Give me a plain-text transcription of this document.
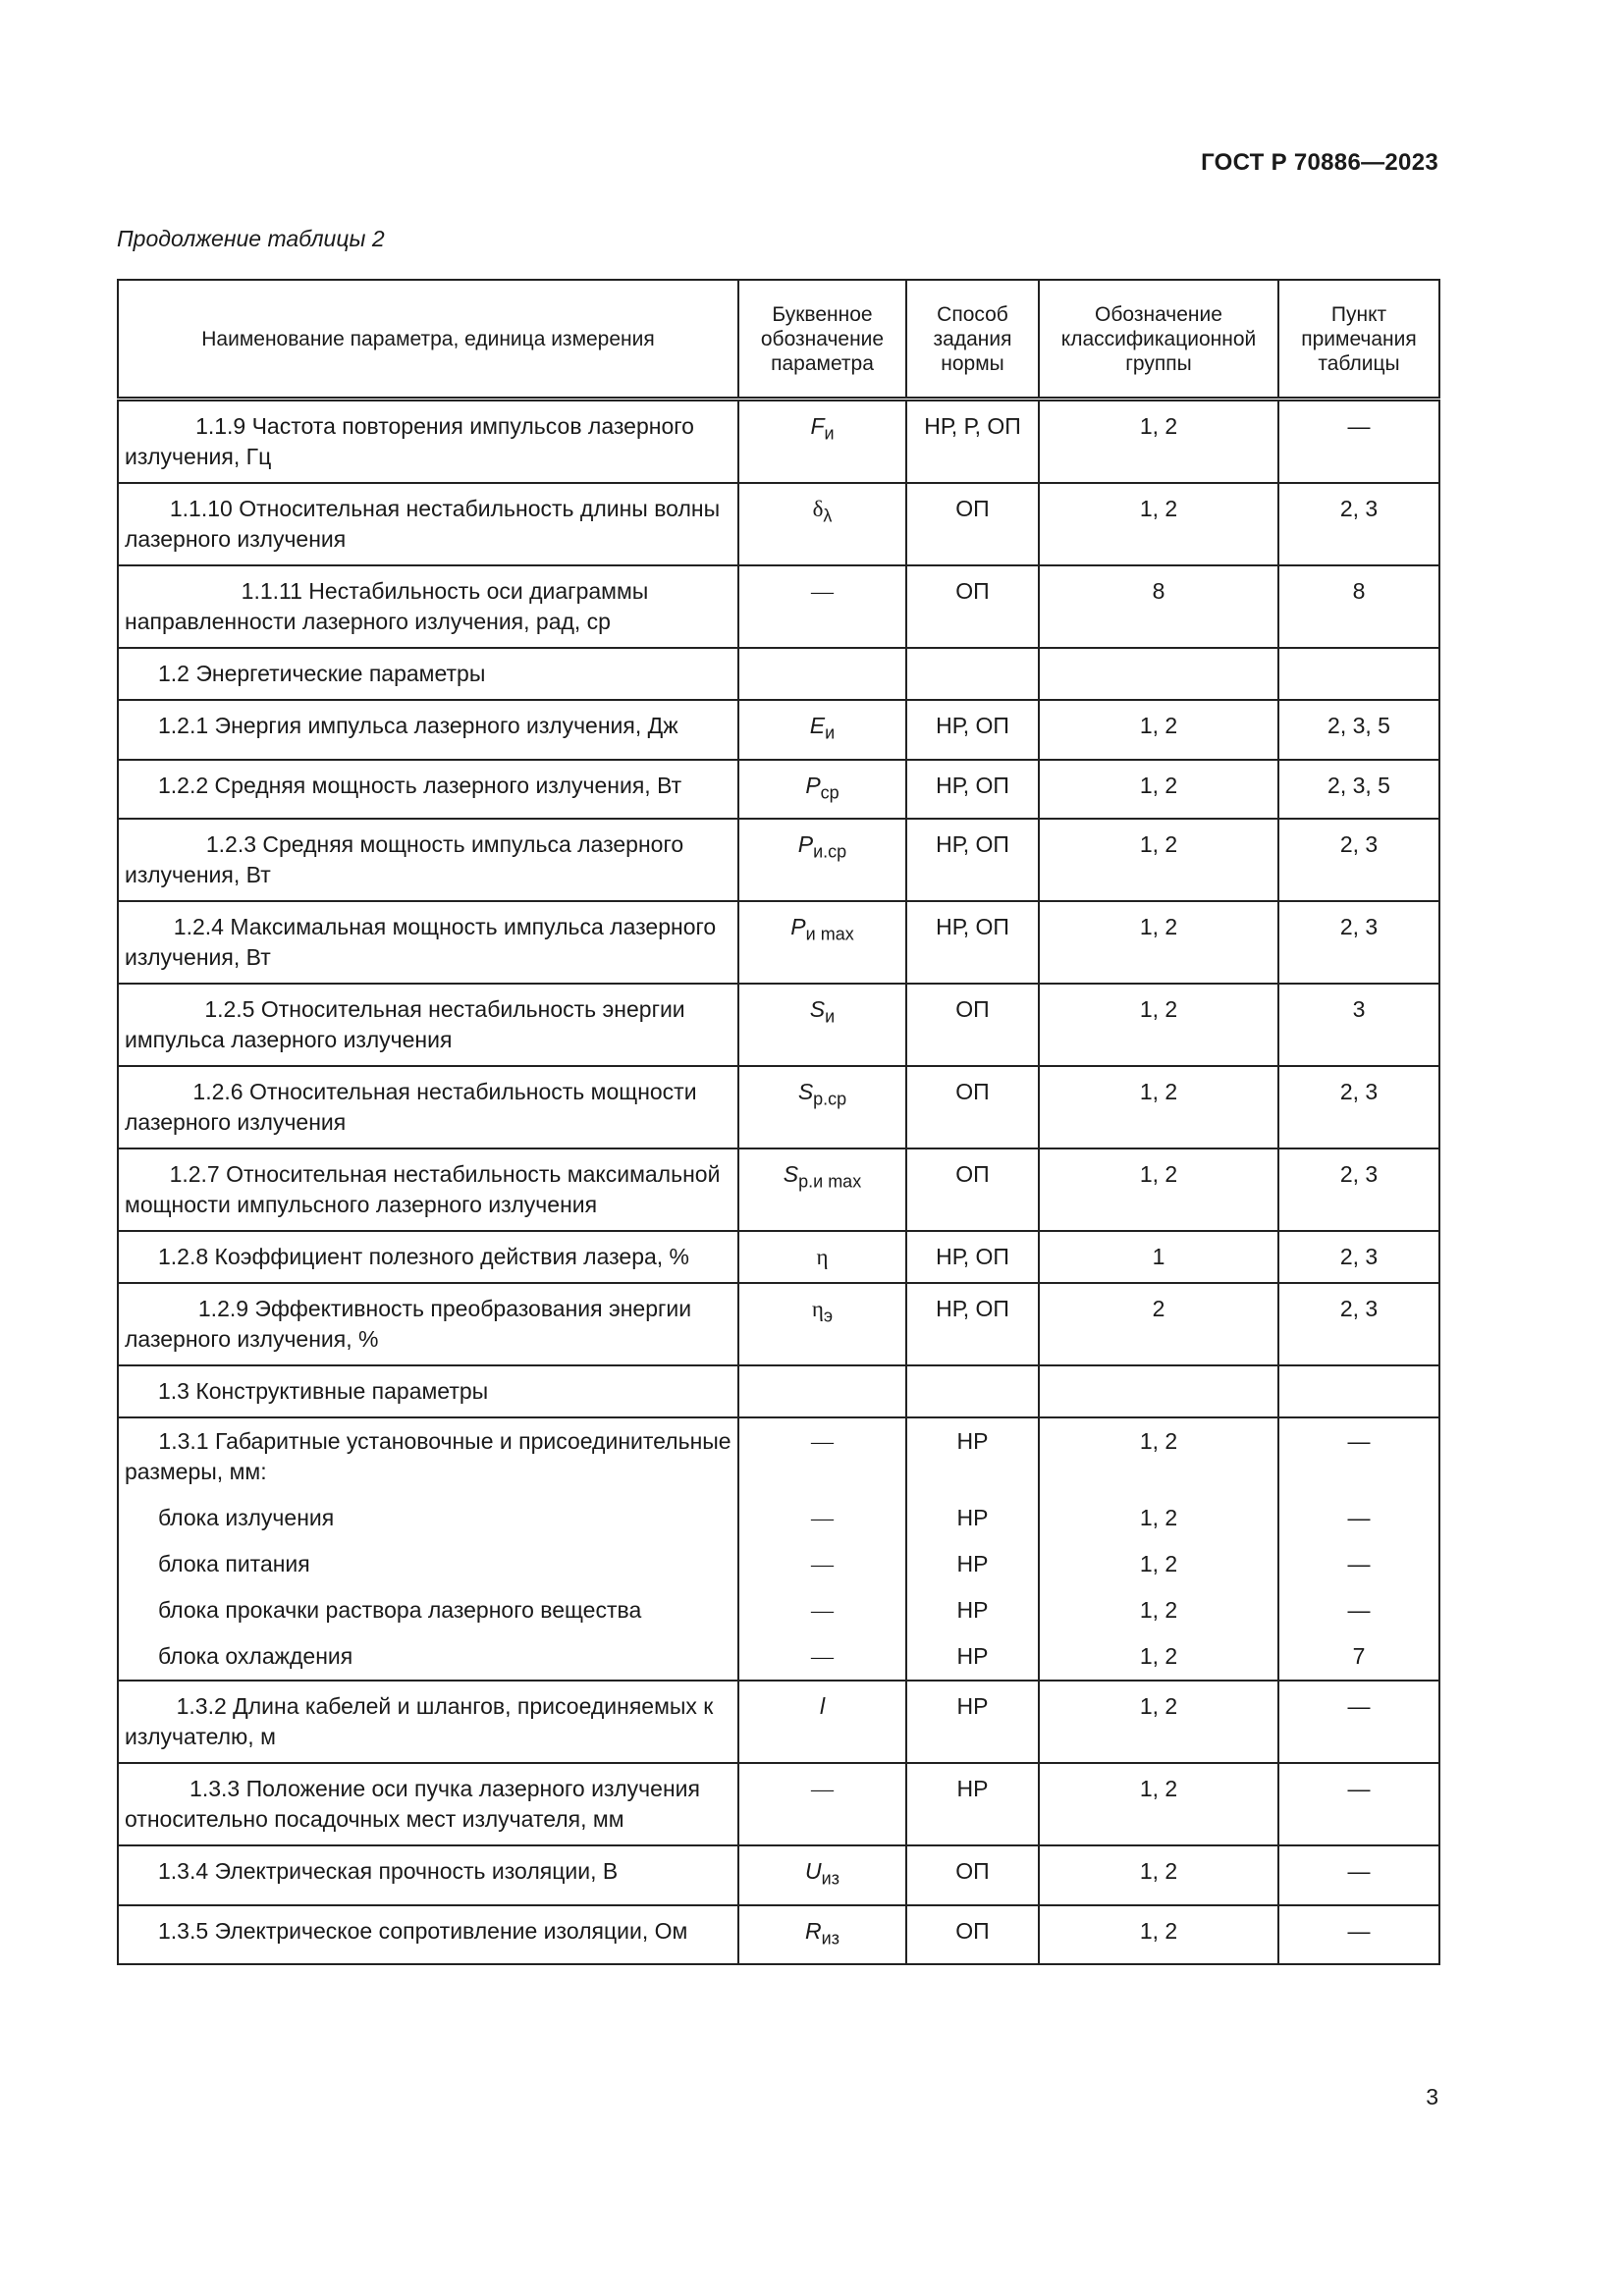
ГОСТ Р 70886—2023
Продолжение таблицы 2
Наименование параметра, единица измерения	Буквенное обозначение параметра	Способ задания нормы	Обозначение классификационной группы	Пункт примечания таблицы

1.1.9 Частота повторения импульсов лазерного излучения, Гц	$F_и$	НР, Р, ОП	1, 2	—

1.1.10 Относительная нестабильность длины волны лазерного излучения	$\delta_\lambda$	ОП	1, 2	2, 3

1.1.11 Нестабильность оси диаграммы направленности лазерного излучения, рад, ср	—	ОП	8	8

1.2 Энергетические параметры				

1.2.1 Энергия импульса лазерного излучения, Дж	$E_и$	НР, ОП	1, 2	2, 3, 5

1.2.2 Средняя мощность лазерного излучения, Вт	$P_{ср}$	НР, ОП	1, 2	2, 3, 5

1.2.3 Средняя мощность импульса лазерного излучения, Вт	$P_{и.ср}$	НР, ОП	1, 2	2, 3

1.2.4 Максимальная мощность импульса лазерного излучения, Вт	$P_{и max}$	НР, ОП	1, 2	2, 3

1.2.5 Относительная нестабильность энергии импульса лазерного излучения	$S_и$	ОП	1, 2	3

1.2.6 Относительная нестабильность мощности лазерного излучения	$S_{р.ср}$	ОП	1, 2	2, 3

1.2.7 Относительная нестабильность максимальной мощности импульсного лазерного излучения	$S_{р.и max}$	ОП	1, 2	2, 3

1.2.8 Коэффициент полезного действия лазера, %	η	НР, ОП	1	2, 3

1.2.9 Эффективность преобразования энергии лазерного излучения, %	$\eta_э$	НР, ОП	2	2, 3

1.3 Конструктивные параметры				

1.3.1 Габаритные установочные и присоединительные размеры, мм:	—	НР	1, 2	—

блока излучения	—	НР	1, 2	—

блока питания	—	НР	1, 2	—

блока прокачки раствора лазерного вещества	—	НР	1, 2	—

блока охлаждения	—	НР	1, 2	7

1.3.2 Длина кабелей и шлангов, присоединяемых к излучателю, м	l	НР	1, 2	—

1.3.3 Положение оси пучка лазерного излучения относительно посадочных мест излучателя, мм	—	НР	1, 2	—

1.3.4 Электрическая прочность изоляции, В	$U_{из}$	ОП	1, 2	—

1.3.5 Электрическое сопротивление изоляции, Ом	$R_{из}$	ОП	1, 2	—
3
